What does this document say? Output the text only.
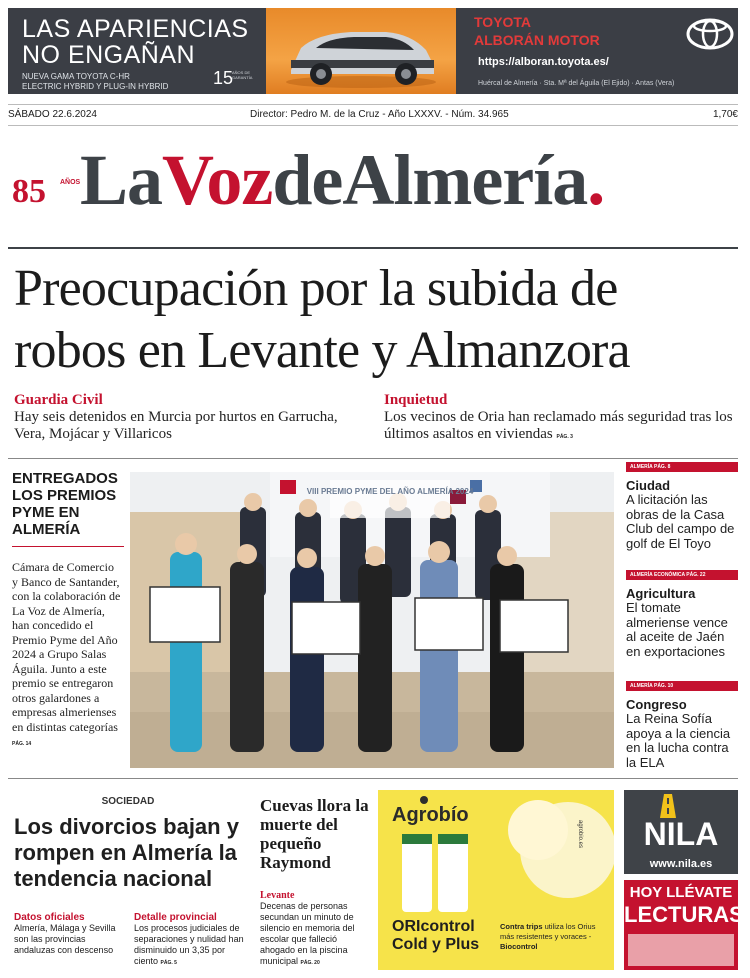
LAS APARIENCIAS
NO ENGAÑAN
NUEVA GAMA TOYOTA C-HR
ELECTRIC HYBRID Y PLUG-IN HYBRID 15
AÑOS DE GARANTÍA
TOYOTA
ALBORÁN MOTOR
https://alboran.toyota.es/
Huércal de Almería · Sta. Mª del Águila (El Ejido) · Antas (Vera)
SÁBADO 22.6.2024	Director: Pedro M. de la Cruz - Año LXXXV. - Núm. 34.965	1,70€
85 AÑOS LaVozdeAlmería.
Preocupación por la subida de robos en Levante y Almanzora
Guardia Civil
Hay seis detenidos en Murcia por hurtos en Garrucha, Vera, Mojácar y Villaricos
Inquietud
Los vecinos de Oria han reclamado más seguridad tras los últimos asaltos en viviendas PÁG. 3
ENTREGADOS LOS PREMIOS PYME EN ALMERÍA
Cámara de Comercio y Banco de Santander, con la colaboración de La Voz de Almería, han concedido el Premio Pyme del Año 2024 a Grupo Salas Águila. Junto a este premio se entregaron otros galardones a empresas almerienses en distintas categorías PÁG. 14
VIII PREMIO PYME DEL AÑO ALMERÍA 2024
ALMERÍA PÁG. 8
Ciudad
A licitación las obras de la Casa Club del campo de golf de El Toyo
ALMERÍA ECONÓMICA PÁG. 22
Agricultura
El tomate almeriense vence al aceite de Jaén en exportaciones
ALMERÍA PÁG. 10
Congreso
La Reina Sofía apoya a la ciencia en la lucha contra la ELA
SOCIEDAD
Los divorcios bajan y rompen en Almería la tendencia nacional
Datos oficiales
Almería, Málaga y Sevilla son las provincias andaluzas con descenso
Detalle provincial
Los procesos judiciales de separaciones y nulidad han disminuido un 3,35 por ciento PÁG. 5
Cuevas llora la muerte del pequeño Raymond
Levante
Decenas de personas secundan un minuto de silencio en memoria del escolar que falleció ahogado en la piscina municipal PÁG. 20
Agrobío
ORIcontrol
Cold y Plus
Contra trips utiliza los Orius más resistentes y voraces - Biocontrol
agrobio.es	NILA
www.nila.es
HOY LLÉVATE
LECTURAS
